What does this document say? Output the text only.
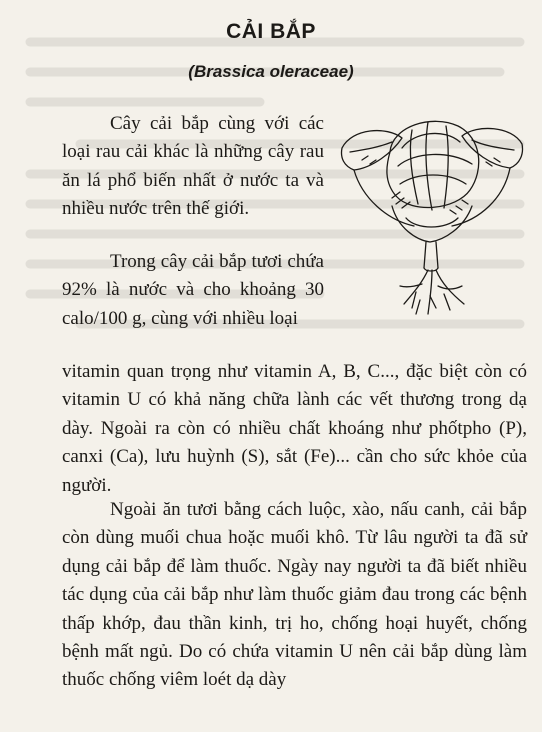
CẢI BẮP
(Brassica oleraceae)

Cây cải bắp cùng với các loại rau cải khác là những cây rau ăn lá phổ biến nhất ở nước ta và nhiều nước trên thế giới.

Trong cây cải bắp tươi chứa 92% là nước và cho khoảng 30 calo/100 g, cùng với nhiều loại

vitamin quan trọng như vitamin A, B, C..., đặc biệt còn có vitamin U có khả năng chữa lành các vết thương trong dạ dày. Ngoài ra còn có nhiều chất khoáng như phốtpho (P), canxi (Ca), lưu huỳnh (S), sắt (Fe)... cần cho sức khỏe của người.

Ngoài ăn tươi bằng cách luộc, xào, nấu canh, cải bắp còn dùng muối chua hoặc muối khô. Từ lâu người ta đã sử dụng cải bắp để làm thuốc. Ngày nay người ta đã biết nhiều tác dụng của cải bắp như làm thuốc giảm đau trong các bệnh thấp khớp, đau thần kinh, trị ho, chống hoại huyết, chống bệnh mất ngủ. Do có chứa vitamin U nên cải bắp dùng làm thuốc chống viêm loét dạ dày
